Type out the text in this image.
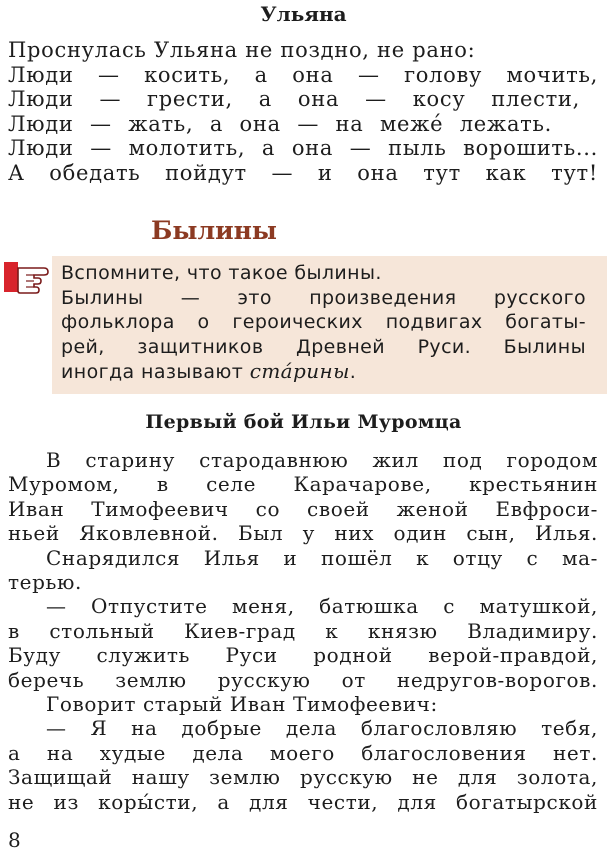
Ульяна
Проснулась Ульяна не поздно, не рано:
Люди — косить, а она — голову мочить,
Люди — грести, а она — косу плести,
Люди — жать, а она — на меже́ лежать.
Люди — молотить, а она — пыль ворошить...
А обедать пойдут — и она тут как тут!
Былины
Вспомните, что такое былины.
Былины — это произведения русского
фольклора о героических подвигах богаты-
рей, защитников Древней Руси. Былины
иногда называют ста́рины.
Первый бой Ильи Муромца
В старину стародавнюю жил под городом
Муромом, в селе Карачарове, крестьянин
Иван Тимофеевич со своей женой Евфроси-
ньей Яковлевной. Был у них один сын, Илья.
Снарядился Илья и пошёл к отцу с ма-
терью.
— Отпустите меня, батюшка с матушкой,
в стольный Киев-град к князю Владимиру.
Буду служить Руси родной верой-правдой,
беречь землю русскую от недругов-ворогов.
Говорит старый Иван Тимофеевич:
— Я на добрые дела благословляю тебя,
а на худые дела моего благословения нет.
Защищай нашу землю русскую не для золота,
не из коры́сти, а для чести, для богатырской
8
